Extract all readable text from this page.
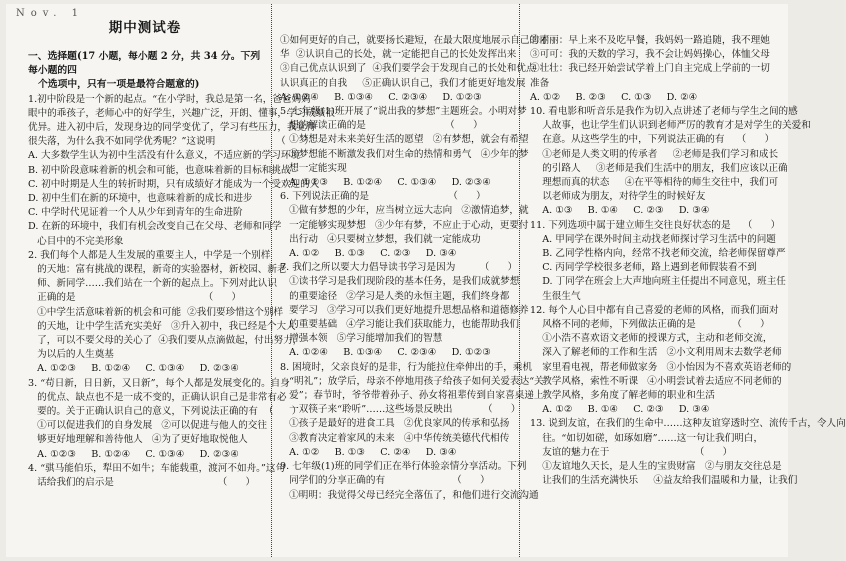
Nov. 1
期中测试卷
一、选择题(17 小题，每小题 2 分，共 34 分。下列每小题的四
个选项中，只有一项是最符合题意的)

1.初中阶段是一个新的起点。“在小学时，我总是第一名，爸爸妈妈

眼中的乖孩子，老师心中的好学生，兴趣广泛，开朗、懂事，学习成绩很

优异。进入初中后，发现身边的同学变优了，学习有些压力，我觉得

很失落，为什么我不如同学优秀呢？”这说明                    （      ）

A. 大多数学生认为初中生活没有什么意义，不适应新的学习环境

B. 初中阶段意味着新的机会和可能，也意味着新的目标和挑战

C. 初中时期是人生的转折时期，只有成绩好才能成为一个受欢迎的人

D. 初中生们在新的环境中，也意味着新的成长和进步

C. 中学时代见证着一个人从少年到青年的生命进阶

D. 在新的环境中，我们有机会改变自己在父母、老师和同学

心目中的不完美形象

2. 我们每个人都是人生发展的重要主人，中学是一个别样

的天地：富有挑战的课程，新奇的实验器材，新校园、新老

师、新同学……我们站在一个新的起点上。下列对此认识

正确的是                                          （      ）

①中学生活意味着新的机会和可能  ②我们要珍惜这个别样

的天地，让中学生活充实美好   ③升入初中，我已经是个大人

了，可以不要父母的关心了  ④我们要从点滴做起，付出努力，

为以后的人生奠基

A. ①②③     B. ①②④     C. ①③④     D. ②③④

3. “苟日新，日日新，又日新”，每个人都是发展变化的。自身

的优点、缺点也不是一成不变的，正确认识自己是非常有必

要的。关于正确认识自己的意义，下列说法正确的有  （      ）

①可以促进我们的自身发展   ②可以促进与他人的交往

够更好地理解和善待他人   ④为了更好地取悦他人

A. ①②③     B. ①②④     C. ①③④     D. ②③④

4. “骐马能伯乐，犁田不如牛；车能载重，渡河不如舟。”这句

话给我们的启示是                                  （      ）

①如何更好的自己，就要扬长避短，在最大限度地展示自己的才

华  ②认识自己的长处，就一定能把自己的长处发挥出来

③自己优点认识到了  ④我们要学会于发现自己的长处和优点

认识真正的自我     ⑤正确认识自己，我们才能更好地发展

A. ①②④     B. ①③④     C. ②③④     D. ①②③

5. 七年级(1)班开展了“说出我的梦想”主题班会。小明对梦

想的解读正确的是                          （      ）

①梦想是对未来美好生活的愿望   ②有梦想，就会有希望

③梦想能不断激发我们对生命的热情和勇气   ④少年的梦

想一定能实现

A. ①②③     B. ①②④     C. ①③④     D. ②③④

6. 下列说法正确的是                          （      ）

①做有梦想的少年，应当树立远大志向   ②激情追梦，就

一定能够实现梦想   ③少年有梦，不应止于心动，更要付

出行动   ④只要树立梦想，我们就一定能成功

A. ①②     B. ①③     C. ②③     D. ③④

7. 我们之所以要大力倡导读书学习是因为        （      ）

①读书学习是我们现阶段的基本任务，是我们成就梦想

的重要途径   ②学习是人类的永恒主题，我们终身都

要学习   ③学习可以我们更好地提升思想品格和道德修养

的重要基础   ④学习能让我们获取能力，也能帮助我们

增强本领   ⑤学习能增加我们的智慧

A. ①②④     B. ①③④     C. ②③④     D. ①②③

8. 困境时，父亲良好的是非，行为能拉住牵伸出的手，乘机

“明礼”；放学后，母亲不停地用孩子给孩子如何关爱表达“关

爱”；春节时，爷爷带着孙子、孙女将祖辈传到自家喜桌递上

一双筷子来“聆听”……这些场景反映出          （      ）

①孩子是最好的进食工具   ②优良家风的传承和弘扬

③教育决定着家风的未来   ④中华传统美德代代相传

A. ①②     B. ①③     C. ②④     D. ③④

9. 七年级(1)班的同学们正在举行体验亲情分享活动。下列

同学们的分享正确的有                      （      ）

①明明：我觉得父母已经完全落伍了，和他们进行交流沟通

②丽丽：早上来不及吃早餐，我妈妈一路追随，我不理她

③可可：我的天数的学习，我不会让妈妈操心，体恤父母

④壮壮：我已经开始尝试学着上门自主完成上学前的一切

准备

A. ①②     B. ②③     C. ①③     D. ②④

10. 看电影和听音乐是我作为切入点讲述了老师与学生之间的感

人故事，也让学生们认识到老师严厉的教育才是对学生的关爱和

在意。从这些学生的中，下列说法正确的有    （      ）

①老师是人类文明的传承者     ②老师是我们学习和成长

的引路人     ③老师是我们生活中的朋友，我们应该以正确

理想而真的状态     ④在平等相待的师生交往中，我们可

以老师成为朋友，对待学生的时候好友

A. ①③     B. ①④     C. ②③     D. ③④

11. 下列选项中属于建立师生交往良好状态的是    （      ）

A. 甲同学在课外时间主动找老师探讨学习生活中的问题

B. 乙同学性格内向，经常不找老师交流，给老师保留尊严

C. 丙同学学校很多老师，路上遇到老师假装看不到

D. 丁同学在班会上大声地向班主任提出不同意见，班主任

生很生气

12. 每个人心目中都有自己喜爱的老师的风格，而我们面对

风格不同的老师，下列做法正确的是            （      ）

①小浩不喜欢语文老师的授课方式，主动和老师交流，

深入了解老师的工作和生活   ②小文利用周末去数学老师

家里看电视，帮老师做家务   ③小怡因为不喜欢英语老师的

教学风格，索性不听课   ④小明尝试着去适应不同老师的

教学风格，多角度了解老师的职业和生活

A. ①②     B. ①④     C. ②③     D. ③④

13. 说到友谊，在我们的生命中……这种友谊穿透时空、流传千古，令人向

往。“如切如磋，如琢如磨”……这一句让我们明白，

友谊的魅力在于                            （      ）

①友谊地久天长，是人生的宝贵财富   ②与朋友交往总是

让我们的生活充满快乐     ④益友给我们温暖和力量，让我们
